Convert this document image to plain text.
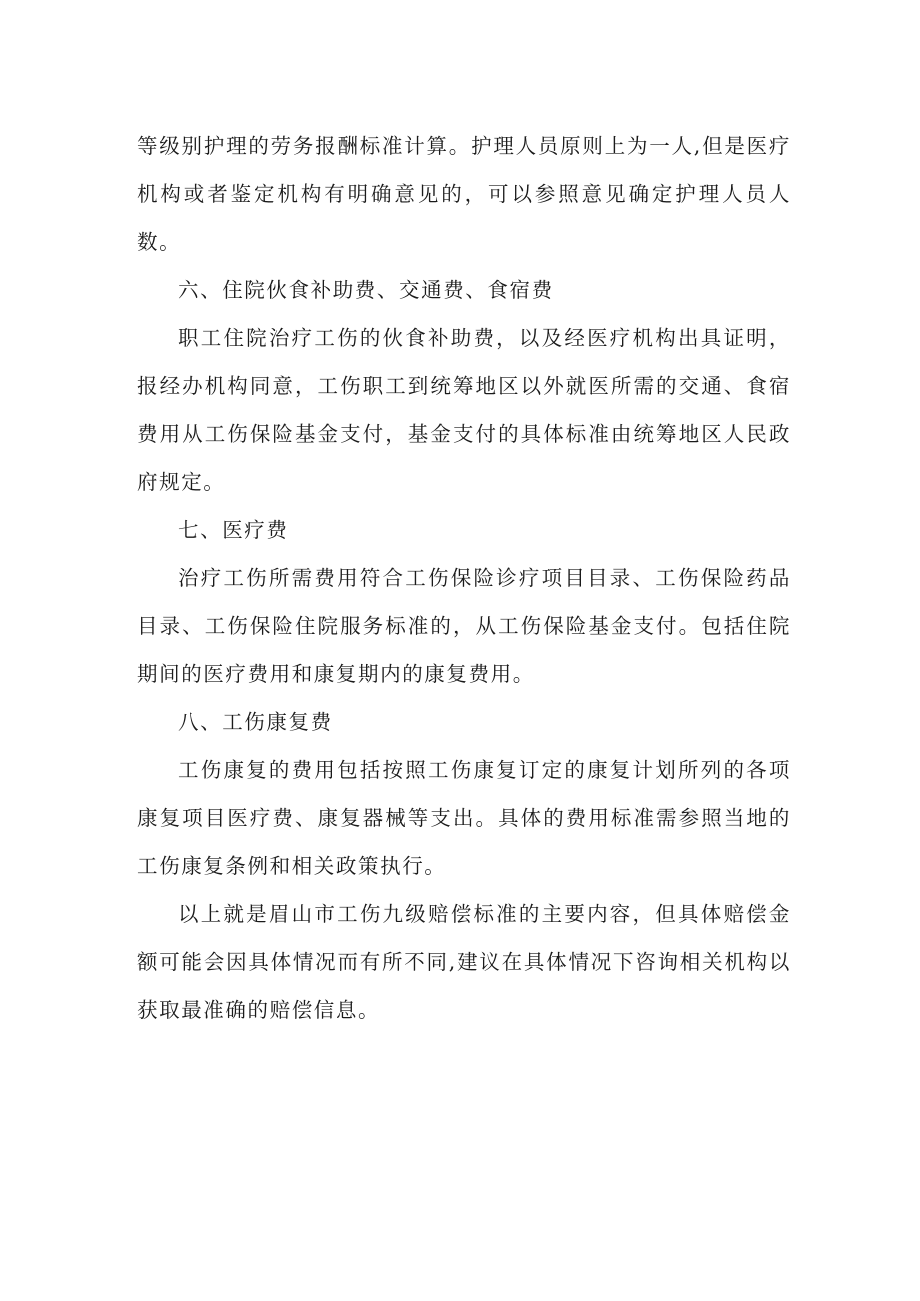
等级别护理的劳务报酬标准计算。护理人员原则上为一人,但是医疗机构或者鉴定机构有明确意见的，可以参照意见确定护理人员人数。

六、住院伙食补助费、交通费、食宿费

职工住院治疗工伤的伙食补助费，以及经医疗机构出具证明，报经办机构同意，工伤职工到统筹地区以外就医所需的交通、食宿费用从工伤保险基金支付，基金支付的具体标准由统筹地区人民政府规定。

七、医疗费

治疗工伤所需费用符合工伤保险诊疗项目目录、工伤保险药品目录、工伤保险住院服务标准的，从工伤保险基金支付。包括住院期间的医疗费用和康复期内的康复费用。

八、工伤康复费

工伤康复的费用包括按照工伤康复订定的康复计划所列的各项康复项目医疗费、康复器械等支出。具体的费用标准需参照当地的工伤康复条例和相关政策执行。

以上就是眉山市工伤九级赔偿标准的主要内容，但具体赔偿金额可能会因具体情况而有所不同,建议在具体情况下咨询相关机构以获取最准确的赔偿信息。
